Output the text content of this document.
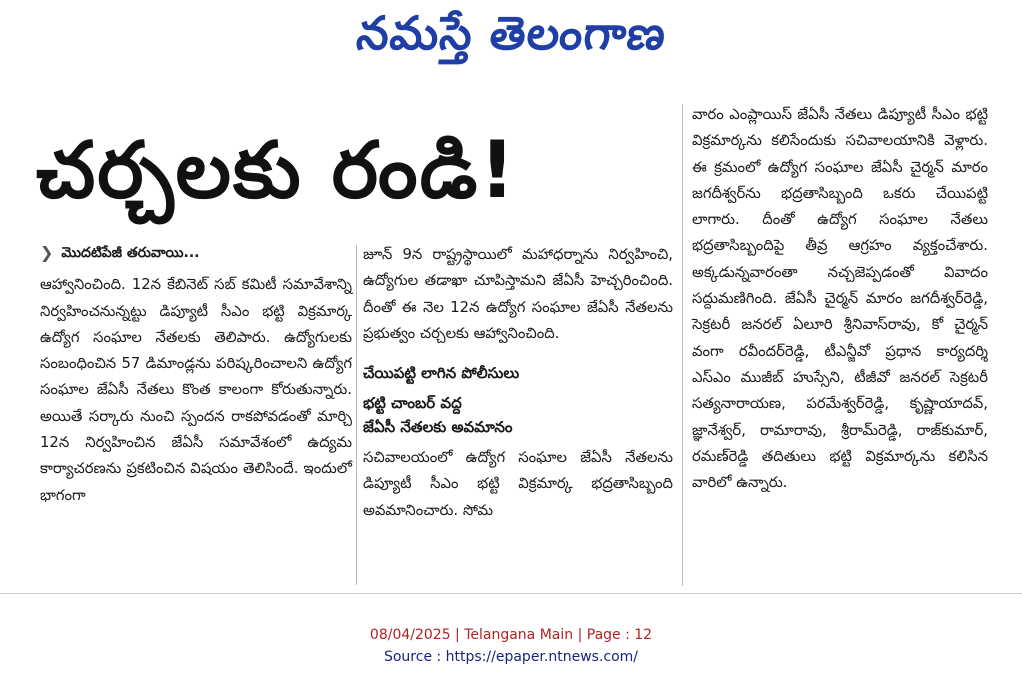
నమస్తే తెలంగాణ
చర్చలకు రండి!
❯ మొదటిపేజీ తరువాయి...

ఆహ్వానించింది. 12న కేబినెట్ సబ్ కమిటీ సమావేశాన్ని నిర్వహించనున్నట్టు డిప్యూటీ సీఎం భట్టి విక్రమార్క ఉద్యోగ సంఘాల నేతలకు తెలిపారు. ఉద్యోగులకు సంబంధించిన 57 డిమాండ్లను పరిష్కరించాలని ఉద్యోగ సంఘాల జేఏసీ నేతలు కొంత కాలంగా కోరుతున్నారు. అయితే సర్కారు నుంచి స్పందన రాకపోవడంతో మార్చి 12న నిర్వహించిన జేఏసీ సమావేశంలో ఉద్యమ కార్యాచరణను ప్రకటించిన విషయం తెలిసిందే. ఇందులో భాగంగా

జూన్ 9న రాష్ట్రస్థాయిలో మహాధర్నాను నిర్వహించి, ఉద్యోగుల తడాఖా చూపిస్తామని జేఏసీ హెచ్చరించింది. దీంతో ఈ నెల 12న ఉద్యోగ సంఘాల జేఏసీ నేతలను ప్రభుత్వం చర్చలకు ఆహ్వానించింది.

చేయిపట్టి లాగిన పోలీసులు
భట్టి చాంబర్ వద్ద
జేఏసీ నేతలకు అవమానం

సచివాలయంలో ఉద్యోగ సంఘాల జేఏసీ నేతలను డిప్యూటీ సీఎం భట్టి విక్రమార్క భద్రతాసిబ్బంది అవమానించారు. సోమ

వారం ఎంప్లాయిస్ జేఏసీ నేతలు డిప్యూటీ సీఎం భట్టి విక్రమార్కను కలిసేందుకు సచివాలయానికి వెళ్లారు. ఈ క్రమంలో ఉద్యోగ సంఘాల జేఏసీ చైర్మన్ మారం జగదీశ్వర్‌ను భద్రతాసిబ్బంది ఒకరు చేయిపట్టి లాగారు. దీంతో ఉద్యోగ సంఘాల నేతలు భద్రతాసిబ్బందిపై తీవ్ర ఆగ్రహం వ్యక్తంచేశారు. అక్కడున్నవారంతా నచ్చజెప్పడంతో వివాదం సద్దుమణిగింది. జేఏసీ చైర్మన్ మారం జగదీశ్వర్‌రెడ్డి, సెక్రటరీ జనరల్ ఏలూరి శ్రీనివాస్‌రావు, కో చైర్మన్ వంగా రవీందర్‌రెడ్డి, టీఎన్జీవో ప్రధాన కార్యదర్శి ఎస్‌ఎం ముజీబ్ హుస్సేని, టీజీవో జనరల్ సెక్రటరీ సత్యనారాయణ, పరమేశ్వర్‌రెడ్డి, కృష్ణాయాదవ్, జ్ఞానేశ్వర్, రామారావు, శ్రీరామ్‌రెడ్డి, రాజ్‌కుమార్, రమణ్‌రెడ్డి తదితులు భట్టి విక్రమార్కను కలిసిన వారిలో ఉన్నారు.

08/04/2025 | Telangana Main | Page : 12
Source : https://epaper.ntnews.com/
